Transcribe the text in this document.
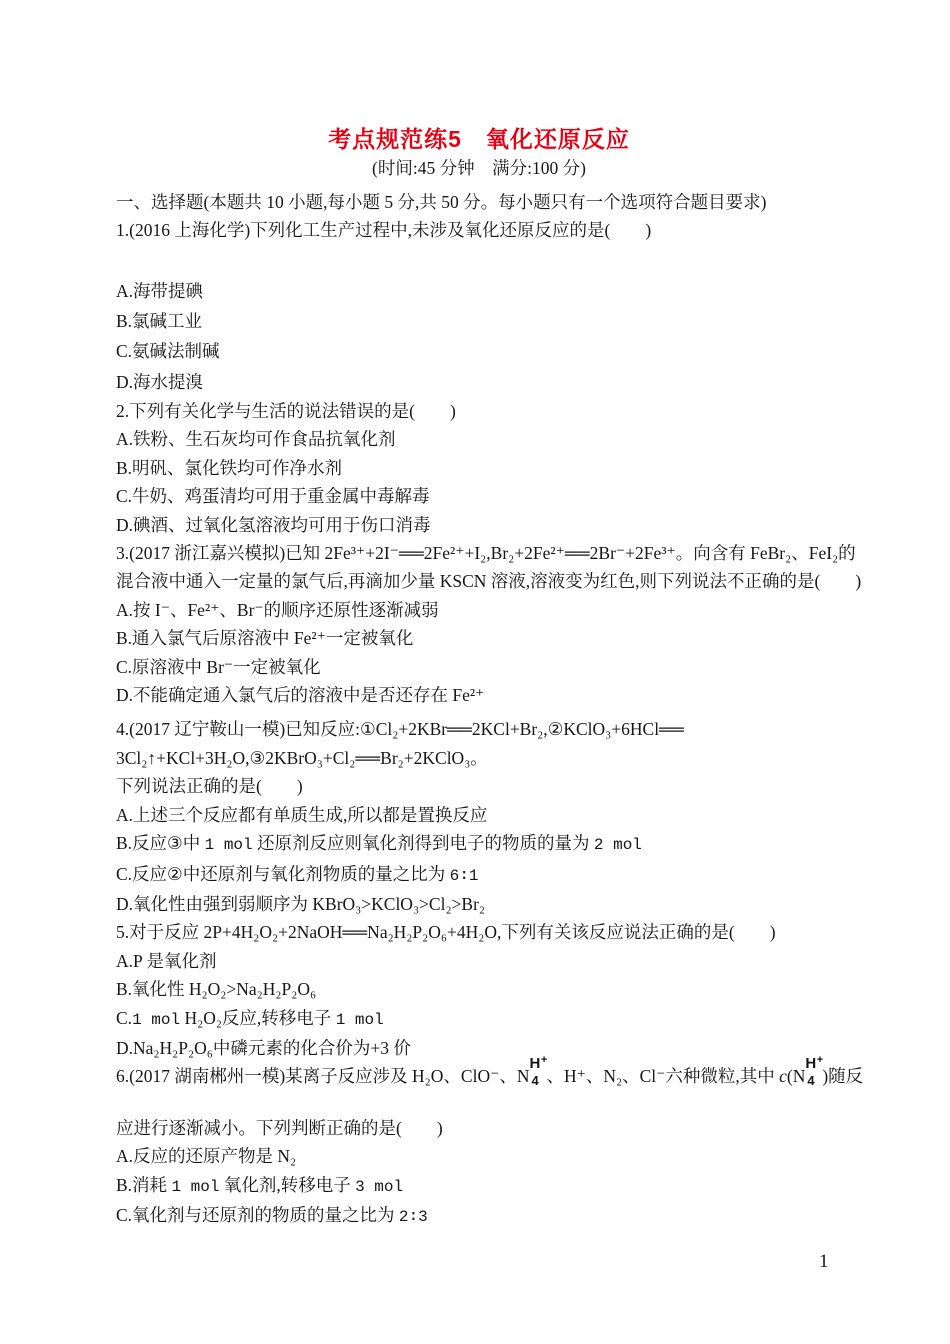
考点规范练5　氧化还原反应
(时间:45 分钟　满分:100 分)
一、选择题(本题共 10 小题,每小题 5 分,共 50 分。每小题只有一个选项符合题目要求)
1.(2016 上海化学)下列化工生产过程中,未涉及氧化还原反应的是(　　)
A.海带提碘
B.氯碱工业
C.氨碱法制碱
D.海水提溴
2.下列有关化学与生活的说法错误的是(　　)
A.铁粉、生石灰均可作食品抗氧化剂
B.明矾、氯化铁均可作净水剂
C.牛奶、鸡蛋清均可用于重金属中毒解毒
D.碘酒、过氧化氢溶液均可用于伤口消毒
3.(2017 浙江嘉兴模拟)已知 2Fe³⁺+2I⁻══2Fe²⁺+I₂,Br₂+2Fe²⁺══2Br⁻+2Fe³⁺。向含有 FeBr₂、FeI₂的
混合液中通入一定量的氯气后,再滴加少量 KSCN 溶液,溶液变为红色,则下列说法不正确的是(　　)
A.按 I⁻、Fe²⁺、Br⁻的顺序还原性逐渐减弱
B.通入氯气后原溶液中 Fe²⁺一定被氧化
C.原溶液中 Br⁻一定被氧化
D.不能确定通入氯气后的溶液中是否还存在 Fe²⁺
4.(2017 辽宁鞍山一模)已知反应:①Cl₂+2KBr══2KCl+Br₂,②KClO₃+6HCl══
3Cl₂↑+KCl+3H₂O,③2KBrO₃+Cl₂══Br₂+2KClO₃。
下列说法正确的是(　　)
A.上述三个反应都有单质生成,所以都是置换反应
B.反应③中 1 mol 还原剂反应则氧化剂得到电子的物质的量为 2 mol
C.反应②中还原剂与氧化剂物质的量之比为 6∶1
D.氧化性由强到弱顺序为 KBrO₃>KClO₃>Cl₂>Br₂
5.对于反应 2P+4H₂O₂+2NaOH══Na₂H₂P₂O₆+4H₂O,下列有关该反应说法正确的是(　　)
A.P 是氧化剂
B.氧化性 H₂O₂>Na₂H₂P₂O₆
C.1 mol H₂O₂反应,转移电子 1 mol
D.Na₂H₂P₂O₆中磷元素的化合价为+3 价
6.(2017 湖南郴州一模)某离子反应涉及 H₂O、ClO⁻、N
H+
4 、H⁺、N₂、Cl⁻六种微粒,其中 c(N
H+
4 )随反
应进行逐渐减小。下列判断正确的是(　　)
A.反应的还原产物是 N₂
B.消耗 1 mol 氧化剂,转移电子 3 mol
C.氧化剂与还原剂的物质的量之比为 2∶3
1
